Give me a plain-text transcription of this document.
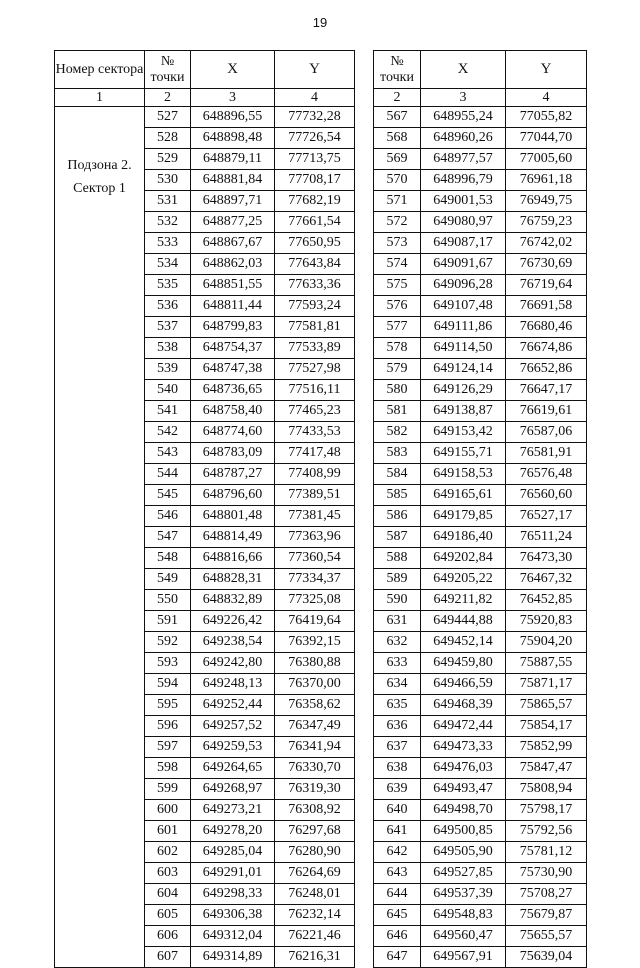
19
Номер сектора	№ точки	X	Y
1	2	3	4
Подзона 2. Сектор 1	527	648896,55	77732,28
	528	648898,48	77726,54
	529	648879,11	77713,75
	530	648881,84	77708,17
	531	648897,71	77682,19
	532	648877,25	77661,54
	533	648867,67	77650,95
	534	648862,03	77643,84
	535	648851,55	77633,36
	536	648811,44	77593,24
	537	648799,83	77581,81
	538	648754,37	77533,89
	539	648747,38	77527,98
	540	648736,65	77516,11
	541	648758,40	77465,23
	542	648774,60	77433,53
	543	648783,09	77417,48
	544	648787,27	77408,99
	545	648796,60	77389,51
	546	648801,48	77381,45
	547	648814,49	77363,96
	548	648816,66	77360,54
	549	648828,31	77334,37
	550	648832,89	77325,08
	591	649226,42	76419,64
	592	649238,54	76392,15
	593	649242,80	76380,88
	594	649248,13	76370,00
	595	649252,44	76358,62
	596	649257,52	76347,49
	597	649259,53	76341,94
	598	649264,65	76330,70
	599	649268,97	76319,30
	600	649273,21	76308,92
	601	649278,20	76297,68
	602	649285,04	76280,90
	603	649291,01	76264,69
	604	649298,33	76248,01
	605	649306,38	76232,14
	606	649312,04	76221,46
	607	649314,89	76216,31
№ точки	X	Y
2	3	4
567	648955,24	77055,82
568	648960,26	77044,70
569	648977,57	77005,60
570	648996,79	76961,18
571	649001,53	76949,75
572	649080,97	76759,23
573	649087,17	76742,02
574	649091,67	76730,69
575	649096,28	76719,64
576	649107,48	76691,58
577	649111,86	76680,46
578	649114,50	76674,86
579	649124,14	76652,86
580	649126,29	76647,17
581	649138,87	76619,61
582	649153,42	76587,06
583	649155,71	76581,91
584	649158,53	76576,48
585	649165,61	76560,60
586	649179,85	76527,17
587	649186,40	76511,24
588	649202,84	76473,30
589	649205,22	76467,32
590	649211,82	76452,85
631	649444,88	75920,83
632	649452,14	75904,20
633	649459,80	75887,55
634	649466,59	75871,17
635	649468,39	75865,57
636	649472,44	75854,17
637	649473,33	75852,99
638	649476,03	75847,47
639	649493,47	75808,94
640	649498,70	75798,17
641	649500,85	75792,56
642	649505,90	75781,12
643	649527,85	75730,90
644	649537,39	75708,27
645	649548,83	75679,87
646	649560,47	75655,57
647	649567,91	75639,04
